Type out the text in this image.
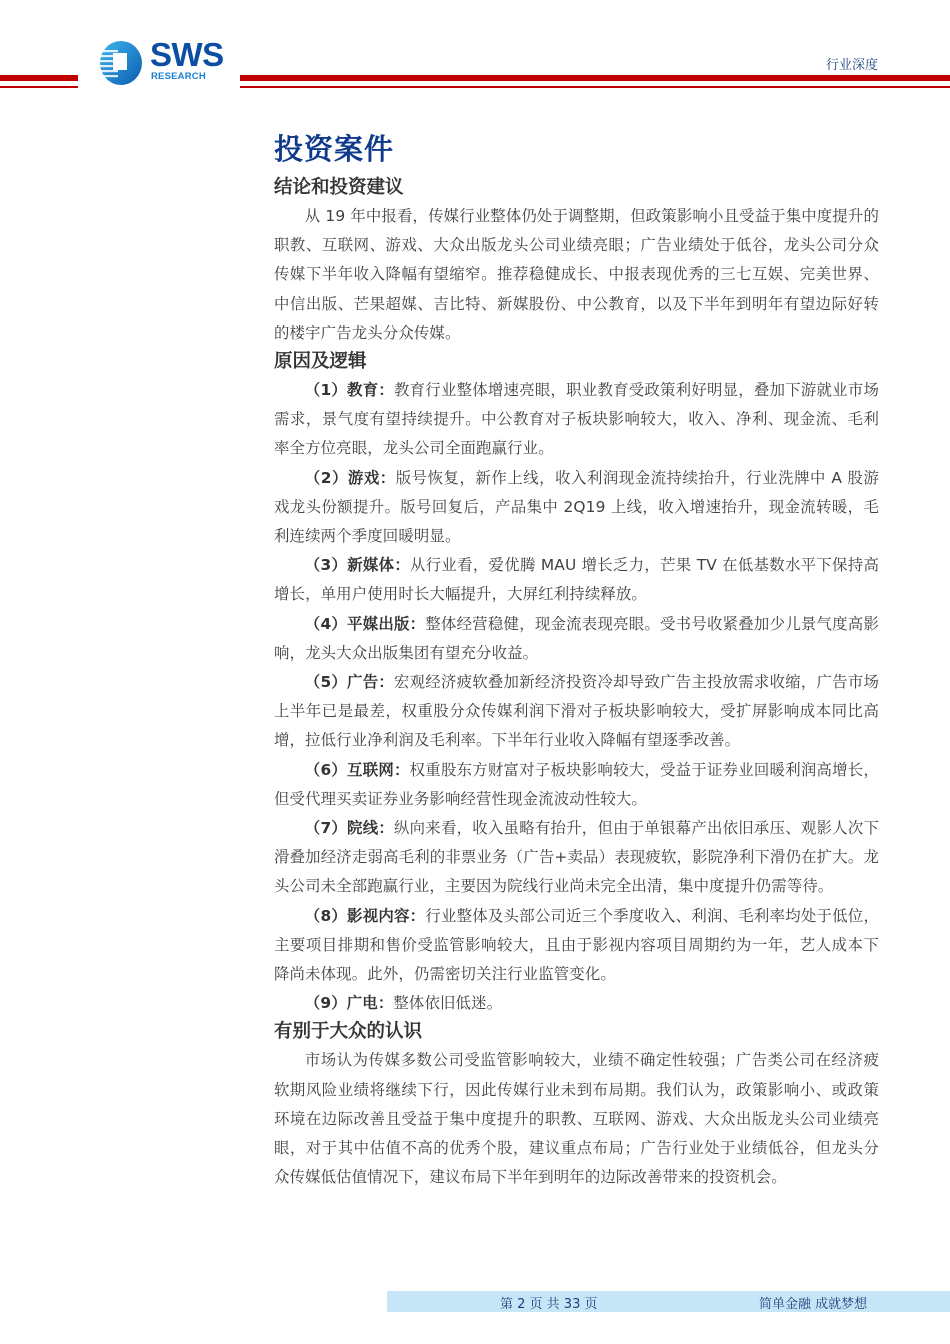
SWS
RESEARCH
行业深度
投资案件
结论和投资建议

从 19 年中报看，传媒行业整体仍处于调整期，但政策影响小且受益于集中度提升的职教、互联网、游戏、大众出版龙头公司业绩亮眼；广告业绩处于低谷，龙头公司分众传媒下半年收入降幅有望缩窄。推荐稳健成长、中报表现优秀的三七互娱、完美世界、中信出版、芒果超媒、吉比特、新媒股份、中公教育，以及下半年到明年有望边际好转的楼宇广告龙头分众传媒。

原因及逻辑

（1）教育：教育行业整体增速亮眼，职业教育受政策利好明显，叠加下游就业市场需求，景气度有望持续提升。中公教育对子板块影响较大，收入、净利、现金流、毛利率全方位亮眼，龙头公司全面跑赢行业。

（2）游戏：版号恢复，新作上线，收入利润现金流持续抬升，行业洗牌中 A 股游戏龙头份额提升。版号回复后，产品集中 2Q19 上线，收入增速抬升，现金流转暖，毛利连续两个季度回暖明显。

（3）新媒体：从行业看，爱优腾 MAU 增长乏力，芒果 TV 在低基数水平下保持高增长，单用户使用时长大幅提升，大屏红利持续释放。

（4）平媒出版：整体经营稳健，现金流表现亮眼。受书号收紧叠加少儿景气度高影响，龙头大众出版集团有望充分收益。

（5）广告：宏观经济疲软叠加新经济投资冷却导致广告主投放需求收缩，广告市场上半年已是最差，权重股分众传媒利润下滑对子板块影响较大，受扩屏影响成本同比高增，拉低行业净利润及毛利率。下半年行业收入降幅有望逐季改善。

（6）互联网：权重股东方财富对子板块影响较大，受益于证券业回暖利润高增长，但受代理买卖证券业务影响经营性现金流波动性较大。

（7）院线：纵向来看，收入虽略有抬升，但由于单银幕产出依旧承压、观影人次下滑叠加经济走弱高毛利的非票业务（广告+卖品）表现疲软，影院净利下滑仍在扩大。龙头公司未全部跑赢行业，主要因为院线行业尚未完全出清，集中度提升仍需等待。

（8）影视内容：行业整体及头部公司近三个季度收入、利润、毛利率均处于低位，主要项目排期和售价受监管影响较大，且由于影视内容项目周期约为一年，艺人成本下降尚未体现。此外，仍需密切关注行业监管变化。

（9）广电：整体依旧低迷。

有别于大众的认识

市场认为传媒多数公司受监管影响较大，业绩不确定性较强；广告类公司在经济疲软期风险业绩将继续下行，因此传媒行业未到布局期。我们认为，政策影响小、或政策环境在边际改善且受益于集中度提升的职教、互联网、游戏、大众出版龙头公司业绩亮眼，对于其中估值不高的优秀个股，建议重点布局；广告行业处于业绩低谷，但龙头分众传媒低估值情况下，建议布局下半年到明年的边际改善带来的投资机会。

第 2 页 共 33 页	简单金融 成就梦想
